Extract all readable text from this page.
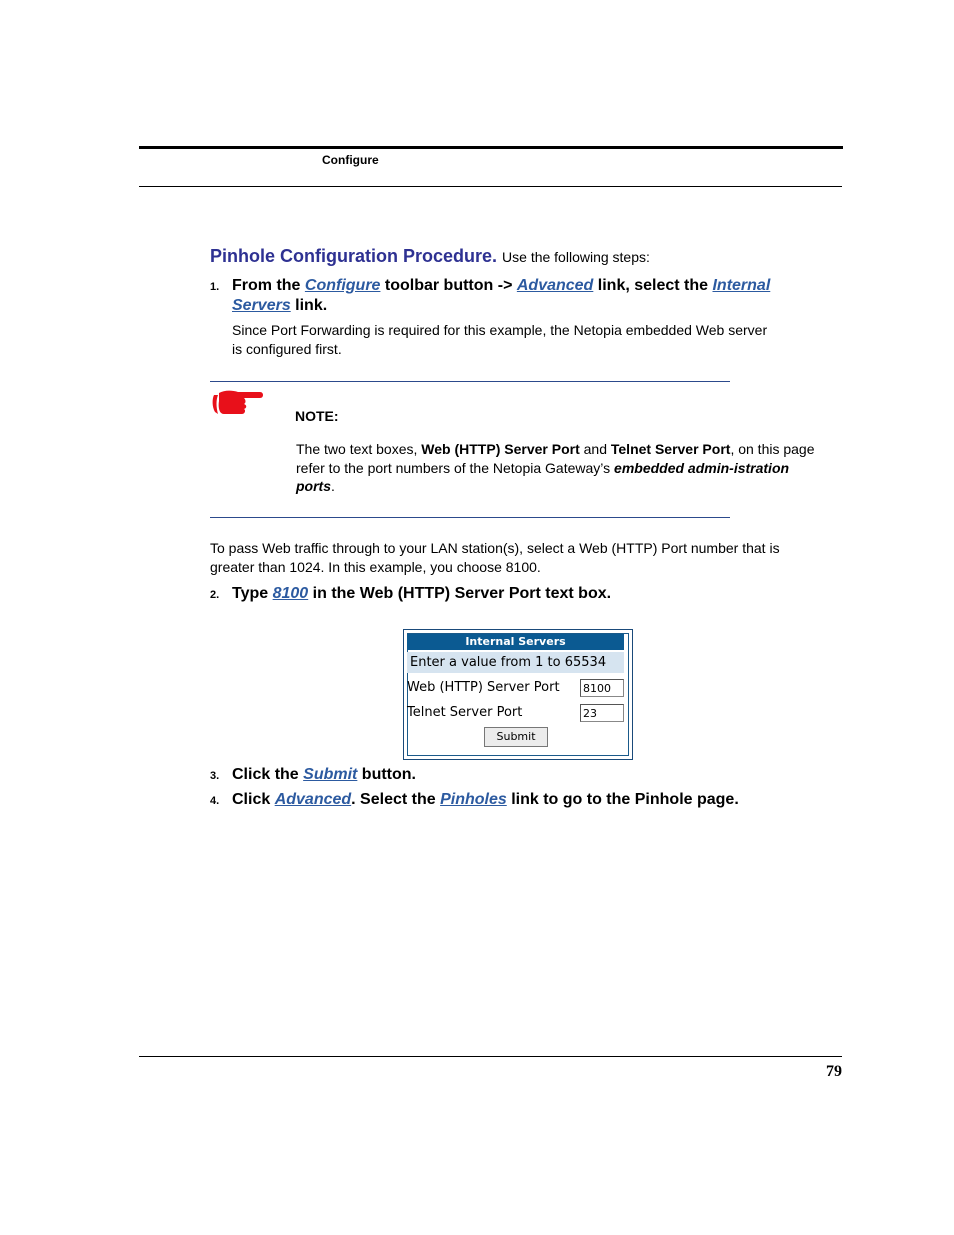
Configure
Pinhole Configuration Procedure. Use the following steps:
1. From the Configure toolbar button -> Advanced link, select the Internal
Servers link.
Since Port Forwarding is required for this example, the Netopia embedded Web server
is configured first.
NOTE:
The two text boxes, Web (HTTP) Server Port and Telnet Server Port, on this page refer to the port numbers of the Netopia Gateway’s embedded admin-istration ports.
To pass Web traffic through to your LAN station(s), select a Web (HTTP) Port number that is
greater than 1024. In this example, you choose 8100.
2. Type 8100 in the Web (HTTP) Server Port text box.
Internal Servers
Enter a value from 1 to 65534
Web (HTTP) Server Port 8100
Telnet Server Port	23
Submit
3. Click the Submit button.
4. Click Advanced. Select the Pinholes link to go to the Pinhole page.
79
